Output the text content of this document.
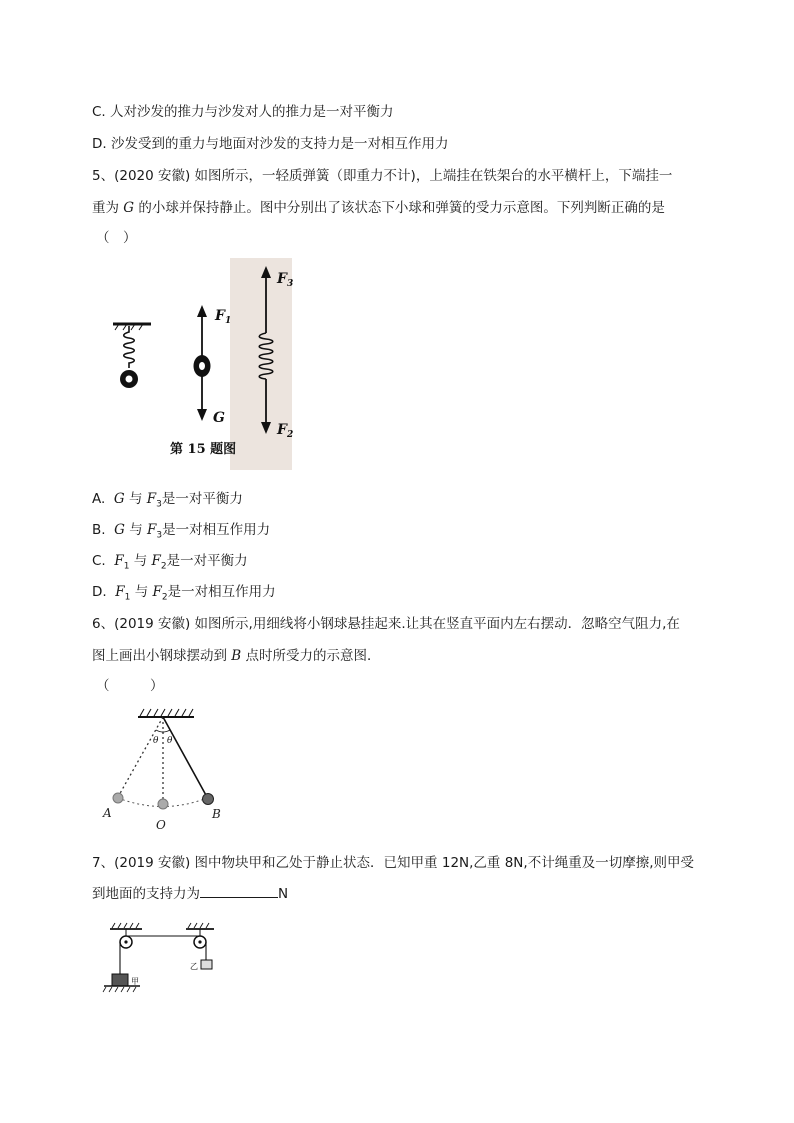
C. 人对沙发的推力与沙发对人的推力是一对平衡力
D. 沙发受到的重力与地面对沙发的支持力是一对相互作用力
5、(2020 安徽) 如图所示，一轻质弹簧（即重力不计)，上端挂在铁架台的水平横杆上，下端挂一
重为 G 的小球并保持静止。图中分别出了该状态下小球和弹簧的受力示意图。下列判断正确的是
（　）
$F_1$
G
$F_3$
$F_2$
第 15 题图
A. G 与 $F_3$是一对平衡力
B. G 与 $F_3$是一对相互作用力
C. $F_1$ 与 $F_2$是一对平衡力
D. $F_1$ 与 $F_2$是一对相互作用力
6、(2019 安徽) 如图所示,用细线将小钢球悬挂起来.让其在竖直平面内左右摆动．忽略空气阻力,在
图上画出小钢球摆动到 B 点时所受力的示意图．
（　　　）
θ θ
A
O
B
7、(2019 安徽) 图中物块甲和乙处于静止状态．已知甲重 12N,乙重 8N,不计绳重及一切摩擦,则甲受
到地面的支持力为	N
甲
乙
